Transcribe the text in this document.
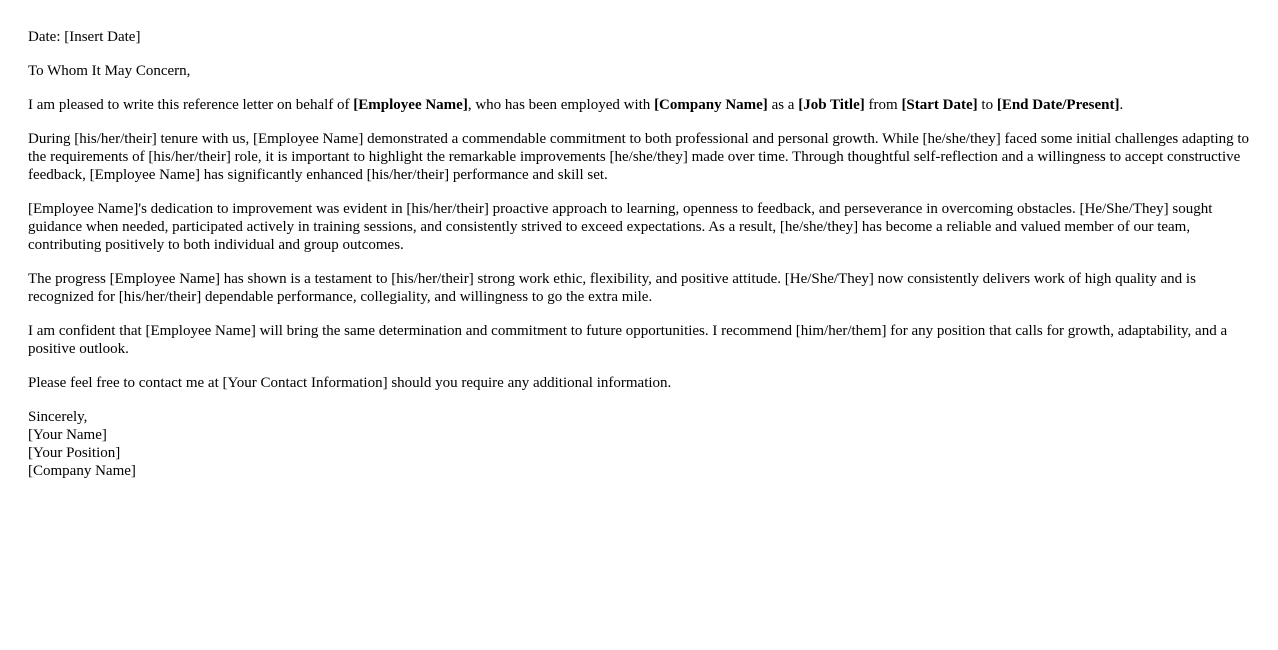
Date: [Insert Date]

To Whom It May Concern,

I am pleased to write this reference letter on behalf of [Employee Name], who has been employed with [Company Name] as a [Job Title] from [Start Date] to [End Date/Present].

During [his/her/their] tenure with us, [Employee Name] demonstrated a commendable commitment to both professional and personal growth. While [he/she/they] faced some initial challenges adapting to the requirements of [his/her/their] role, it is important to highlight the remarkable improvements [he/she/they] made over time. Through thoughtful self-reflection and a willingness to accept constructive feedback, [Employee Name] has significantly enhanced [his/her/their] performance and skill set.

[Employee Name]'s dedication to improvement was evident in [his/her/their] proactive approach to learning, openness to feedback, and perseverance in overcoming obstacles. [He/She/They] sought guidance when needed, participated actively in training sessions, and consistently strived to exceed expectations. As a result, [he/she/they] has become a reliable and valued member of our team, contributing positively to both individual and group outcomes.

The progress [Employee Name] has shown is a testament to [his/her/their] strong work ethic, flexibility, and positive attitude. [He/She/They] now consistently delivers work of high quality and is recognized for [his/her/their] dependable performance, collegiality, and willingness to go the extra mile.

I am confident that [Employee Name] will bring the same determination and commitment to future opportunities. I recommend [him/her/them] for any position that calls for growth, adaptability, and a positive outlook.

Please feel free to contact me at [Your Contact Information] should you require any additional information.

Sincerely,
[Your Name]
[Your Position]
[Company Name]
